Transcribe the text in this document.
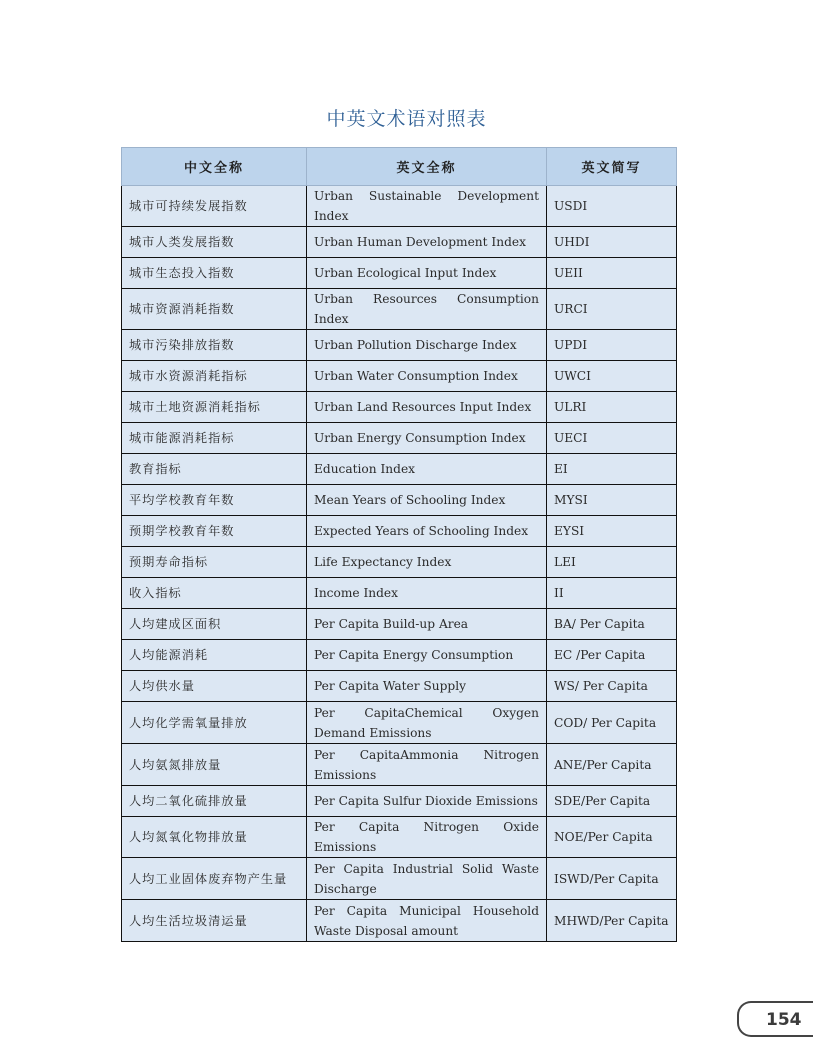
中英文术语对照表
中文全称	英文全称	英文简写
城市可持续发展指数	Urban Sustainable Development Index	USDI
城市人类发展指数	Urban Human Development Index	UHDI
城市生态投入指数	Urban Ecological Input Index	UEII
城市资源消耗指数	Urban Resources Consumption Index	URCI
城市污染排放指数	Urban Pollution Discharge Index	UPDI
城市水资源消耗指标	Urban Water Consumption Index	UWCI
城市土地资源消耗指标	Urban Land Resources Input Index	ULRI
城市能源消耗指标	Urban Energy Consumption Index	UECI
教育指标	Education Index	EI
平均学校教育年数	Mean Years of Schooling Index	MYSI
预期学校教育年数	Expected Years of Schooling Index	EYSI
预期寿命指标	Life Expectancy Index	LEI
收入指标	Income Index	II
人均建成区面积	Per Capita Build-up Area	BA/ Per Capita
人均能源消耗	Per Capita Energy Consumption	EC /Per Capita
人均供水量	Per Capita Water Supply	WS/ Per Capita
人均化学需氧量排放	Per CapitaChemical Oxygen Demand Emissions	COD/ Per Capita
人均氨氮排放量	Per CapitaAmmonia Nitrogen Emissions	ANE/Per Capita
人均二氧化硫排放量	Per Capita Sulfur Dioxide Emissions	SDE/Per Capita
人均氮氧化物排放量	Per Capita Nitrogen Oxide Emissions	NOE/Per Capita
人均工业固体废弃物产生量	Per Capita Industrial Solid Waste Discharge	ISWD/Per Capita
人均生活垃圾清运量	Per Capita Municipal Household Waste Disposal amount	MHWD/Per Capita
154
